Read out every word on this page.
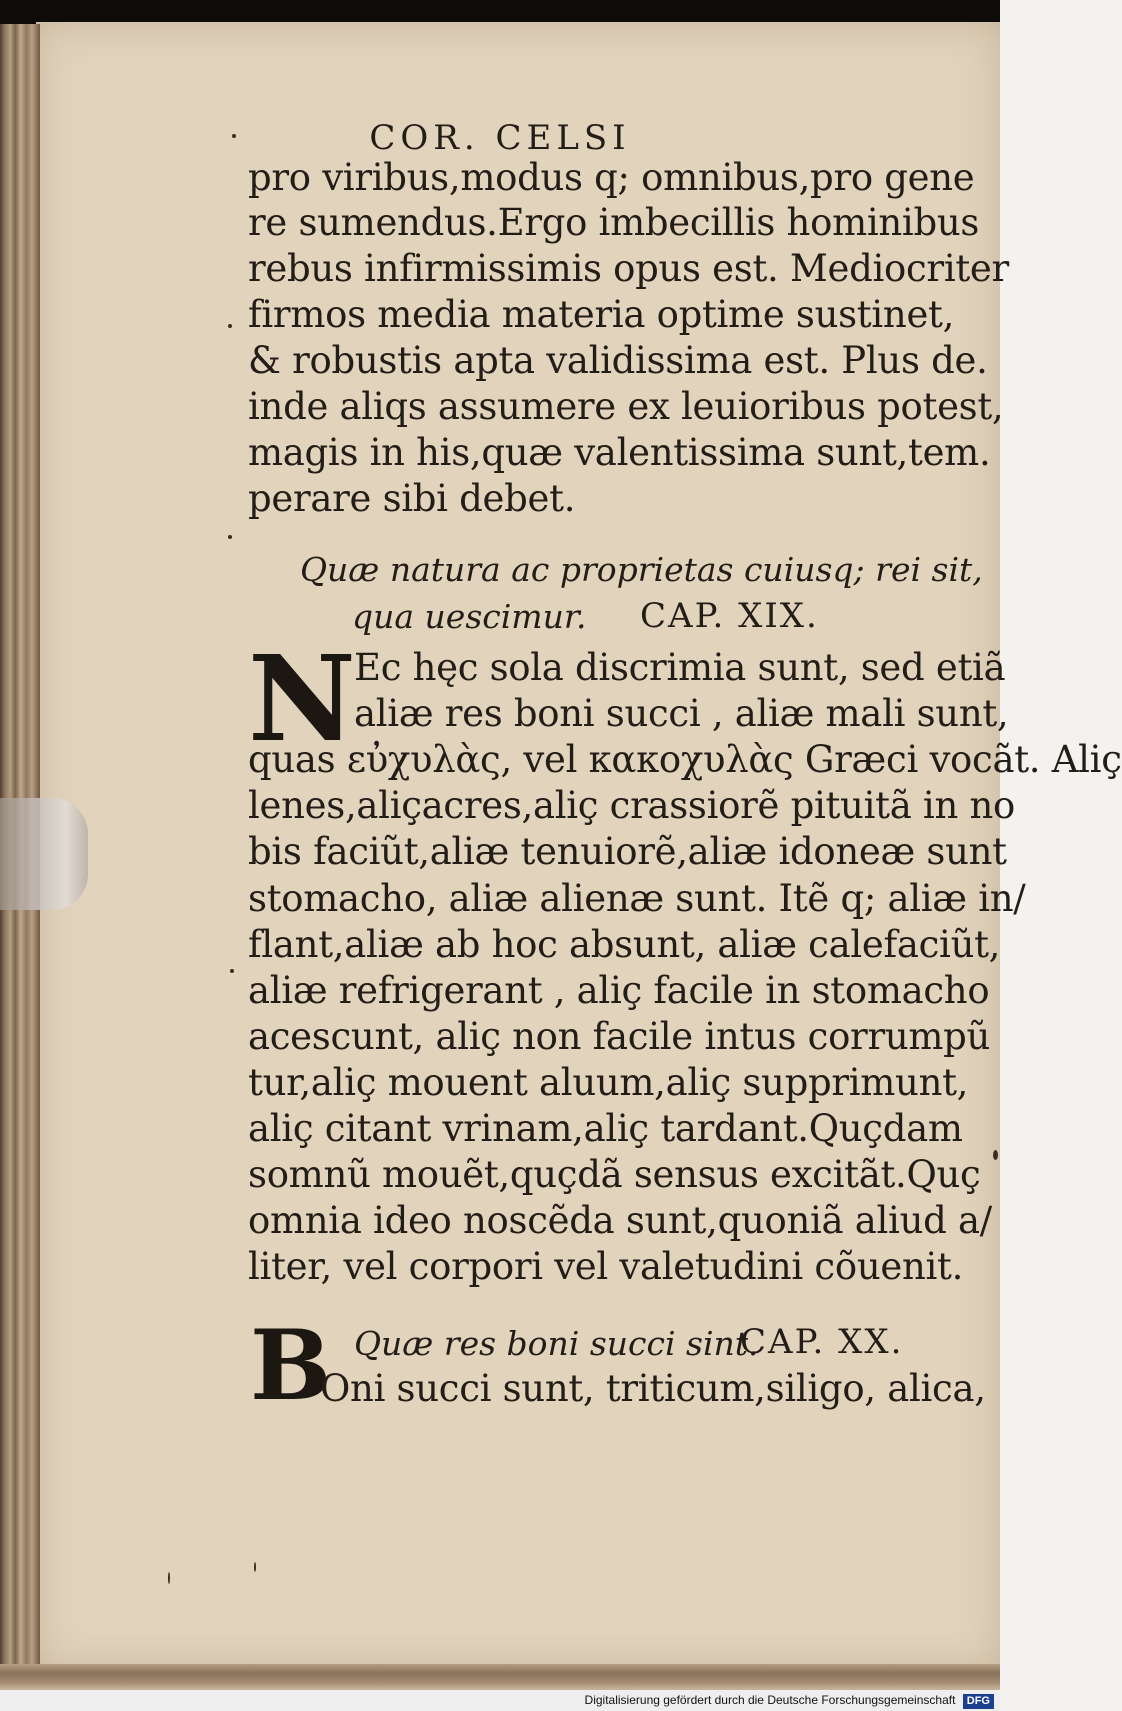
COR. CELSI
pro viribus,modus q; omnibus,pro gene
re sumendus.Ergo imbecillis hominibus
rebus infirmissimis opus est. Mediocriter
firmos media materia optime sustinet,
& robustis apta validissima est. Plus de.
inde aliqs assumere ex leuioribus potest,
magis in his,quæ valentissima sunt,tem.
perare sibi debet.
Quæ natura ac proprietas cuiusq; rei sit,
qua uescimur. CAP. XIX.
N
Ec hęc sola discrimia sunt, sed etiã
aliæ res boni succi , aliæ mali sunt,
quas εὐχυλὰς, vel κακοχυλὰς Græci vocãt. Aliç
lenes,aliçacres,aliç crassiorẽ pituitã in no
bis faciũt,aliæ tenuiorẽ,aliæ idoneæ sunt
stomacho, aliæ alienæ sunt. Itẽ q; aliæ in/
flant,aliæ ab hoc absunt, aliæ calefaciũt,
aliæ refrigerant , aliç facile in stomacho
acescunt, aliç non facile intus corrumpũ
tur,aliç mouent aluum,aliç supprimunt,
aliç citant vrinam,aliç tardant.Quçdam
somnũ mouẽt,quçdã sensus excitãt.Quç
omnia ideo noscẽda sunt,quoniã aliud a/
liter, vel corpori vel valetudini cõuenit.
B Quæ res boni succi sint.
CAP. XX.
Oni succi sunt, triticum,siligo, alica,
Digitalisierung gefördert durch die Deutsche Forschungsgemeinschaft DFG
